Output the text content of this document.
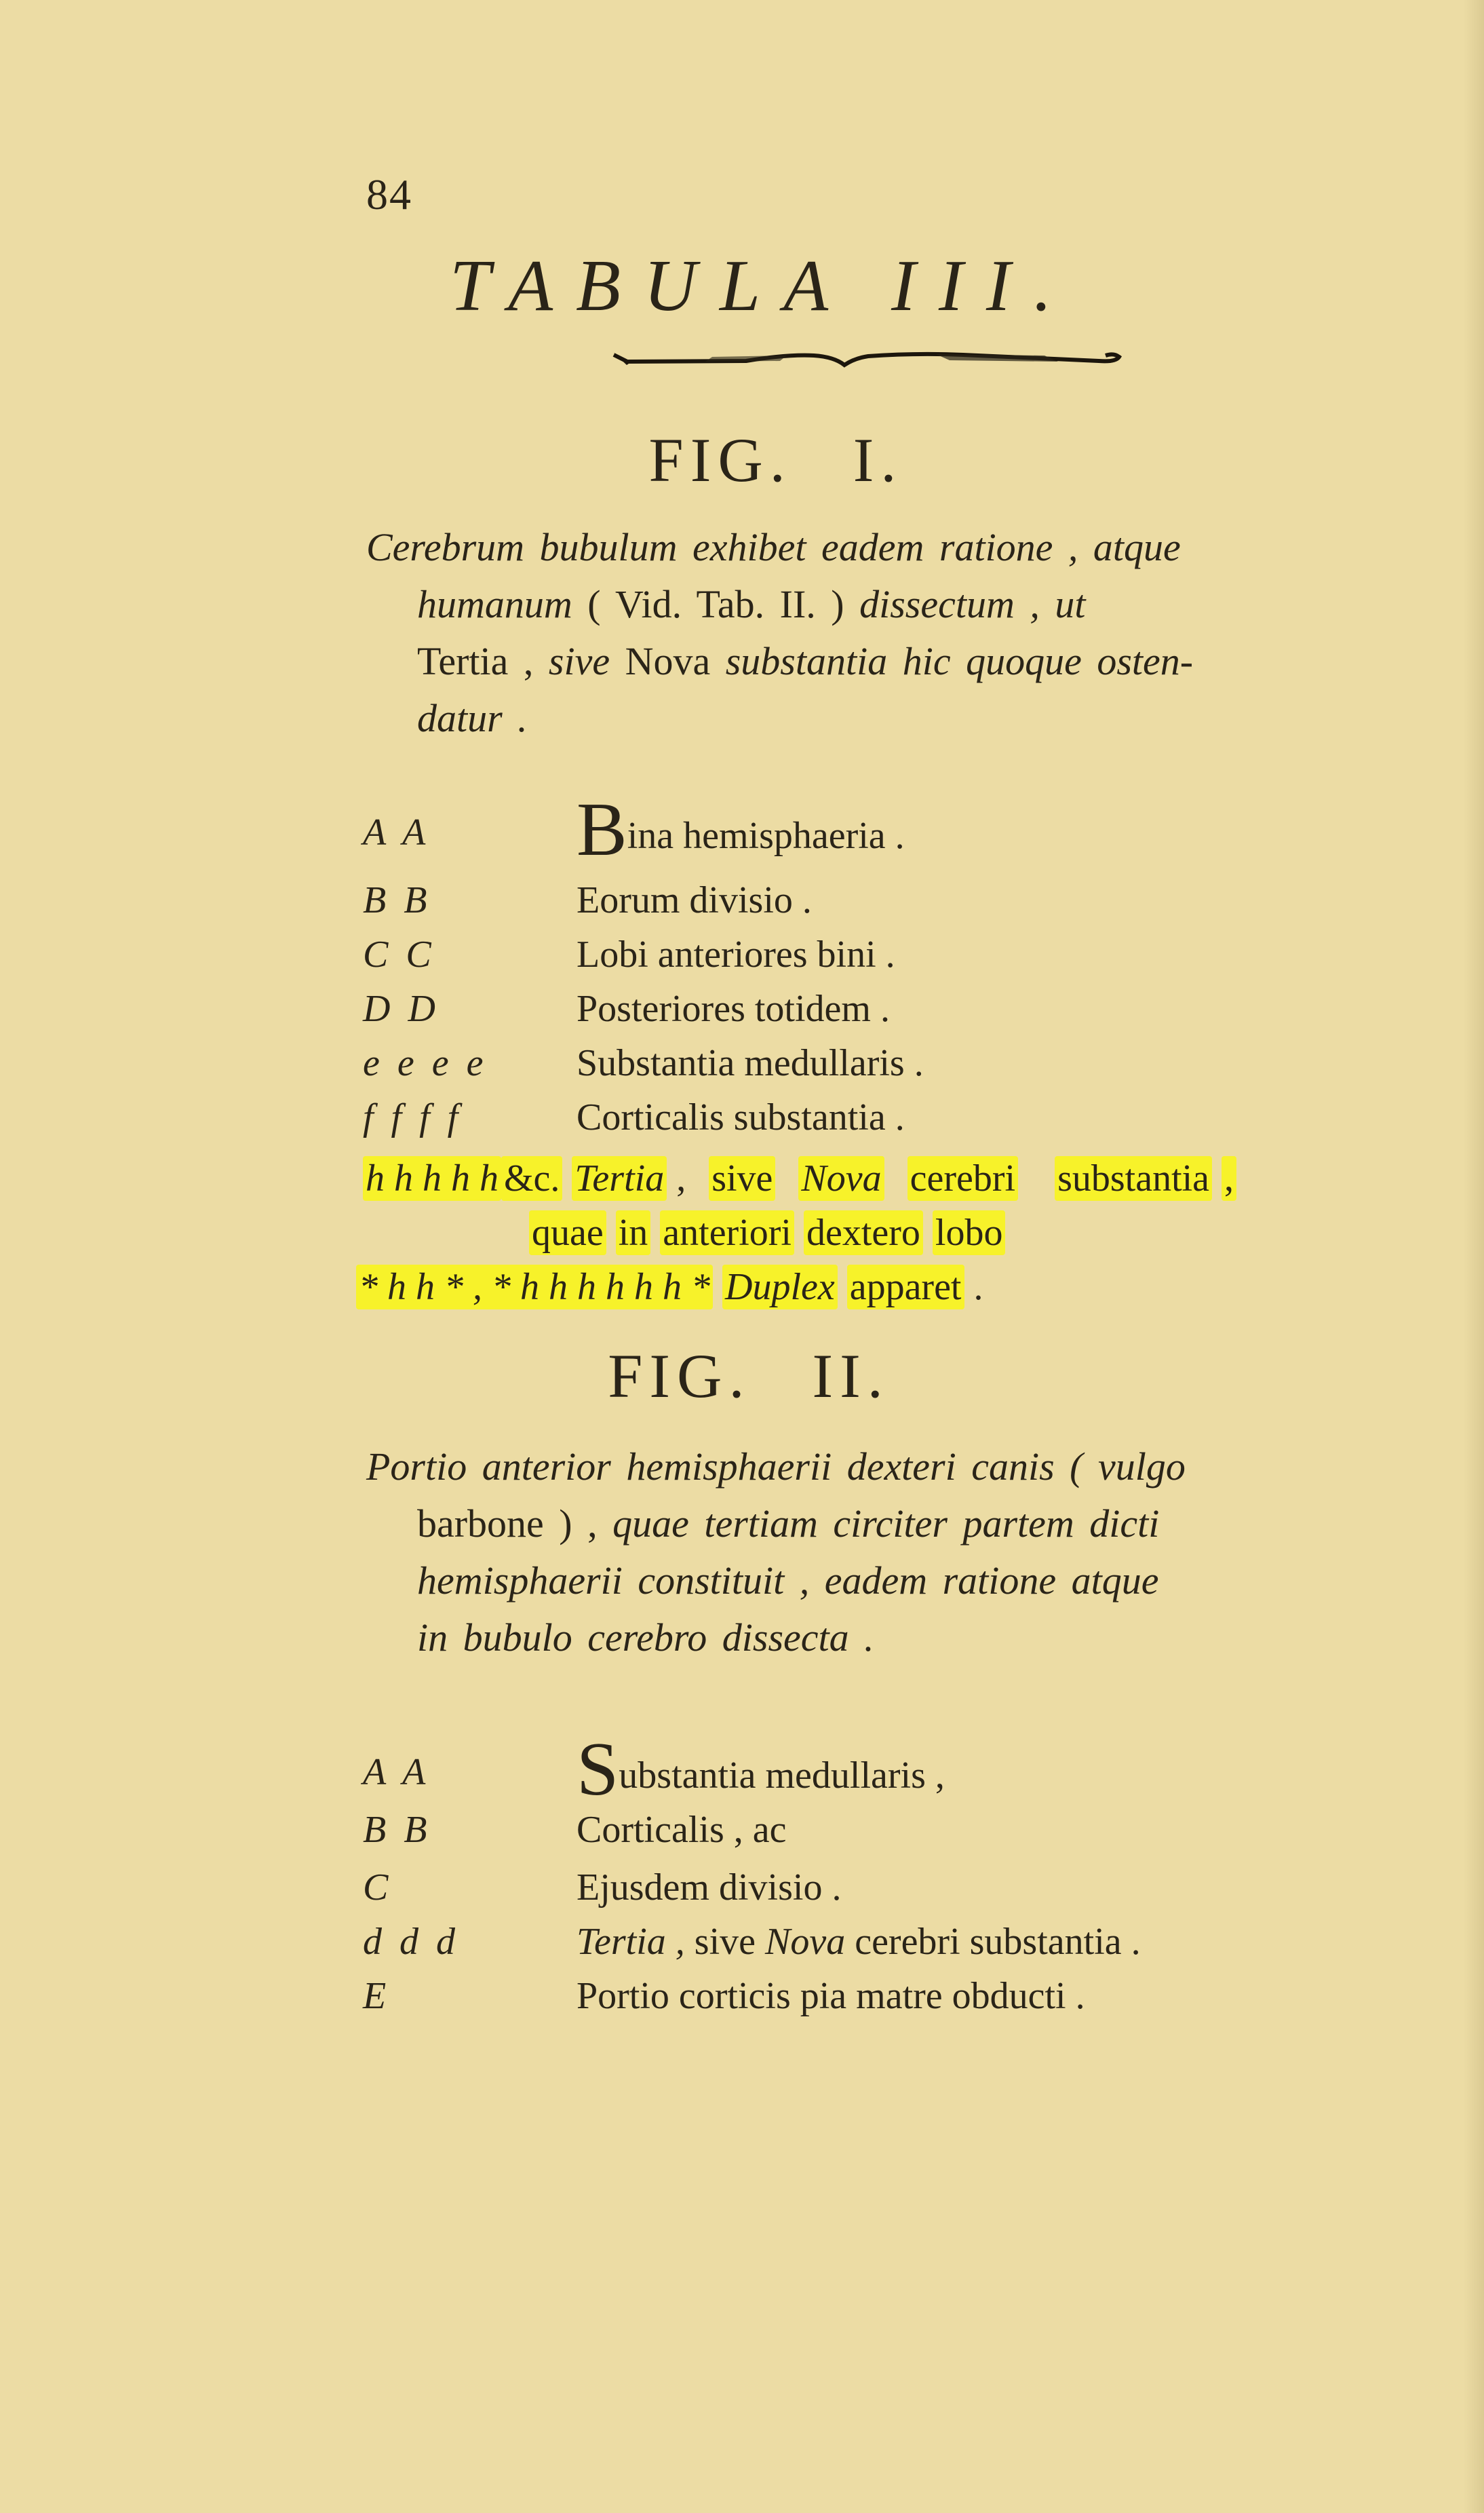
84
TABULA III.
FIG. I.
Cerebrum bubulum exhibet eadem ratione , atque
humanum ( Vid. Tab. II. ) dissectum , ut
Tertia , sive Nova substantia hic quoque osten-
datur .
A A Bina hemisphaeria .
B B	Eorum divisio .
C C	Lobi anteriores bini .
D D	Posteriores totidem .
e e e e Substantia medullaris .
f f f f	Corticalis substantia .
h h h h h &c. Tertia , sive Nova cerebri substantia ,
quae in anteriori dextero lobo
* h h * , * h h h h h h * Duplex apparet .
FIG. II.
Portio anterior hemisphaerii dexteri canis ( vulgo
barbone ) , quae tertiam circiter partem dicti
hemisphaerii constituit , eadem ratione atque
in bubulo cerebro dissecta .
A A Substantia medullaris ,
B B	Corticalis , ac
C	Ejusdem divisio .
d d d	Tertia , sive Nova cerebri substantia .
E	Portio corticis pia matre obducti .
